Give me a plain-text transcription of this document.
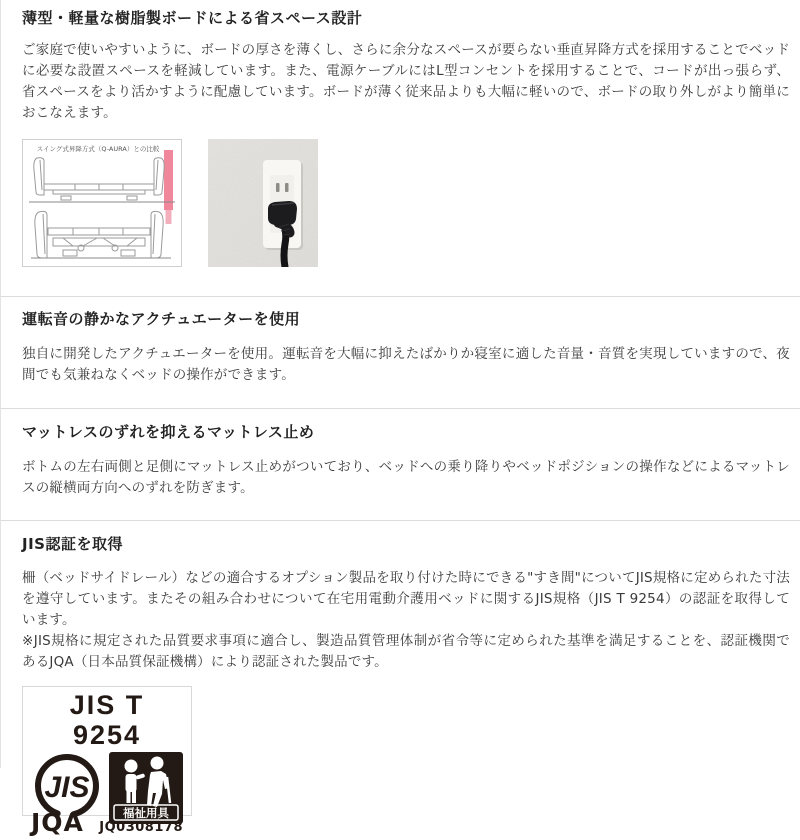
薄型・軽量な樹脂製ボードによる省スペース設計

ご家庭で使いやすいように、ボードの厚さを薄くし、さらに余分なスペースが要らない垂直昇降方式を採用することでベッドに必要な設置スペースを軽減しています。また、電源ケーブルにはL型コンセントを採用することで、コードが出っ張らず、省スペースをより活かすように配慮しています。ボードが薄く従来品よりも大幅に軽いので、ボードの取り外しがより簡単におこなえます。

スイング式昇降方式（Q-AURA）との比較
運転音の静かなアクチュエーターを使用

独自に開発したアクチュエーターを使用。運転音を大幅に抑えたばかりか寝室に適した音量・音質を実現していますので、夜間でも気兼ねなくベッドの操作ができます。

マットレスのずれを抑えるマットレス止め

ボトムの左右両側と足側にマットレス止めがついており、ベッドへの乗り降りやベッドポジションの操作などによるマットレスの縦横両方向へのずれを防ぎます。

JIS認証を取得

柵（ベッドサイドレール）などの適合するオプション製品を取り付けた時にできる"すき間"についてJIS規格に定められた寸法を遵守しています。またその組み合わせについて在宅用電動介護用ベッドに関するJIS規格（JIS T 9254）の認証を取得しています。

※JIS規格に規定された品質要求事項に適合し、製造品質管理体制が省令等に定められた基準を満足することを、認証機関であるJQA（日本品質保証機構）により認証された製品です。

JIS T 9254
JIS
福祉用具
JQA JQ0308178
